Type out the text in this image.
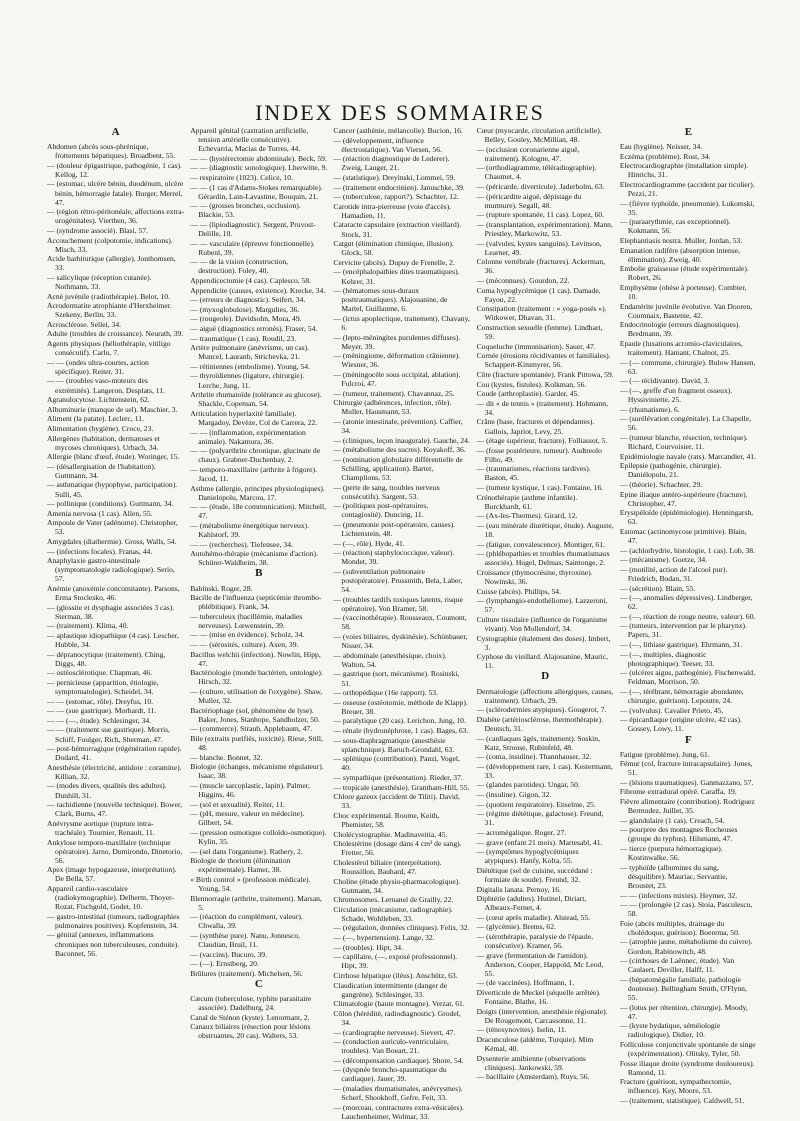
INDEX DES SOMMAIRES
A
Abdomen (abcès sous-phrénique, frottements hépatiques). Broadbent, 55.
— (douleur épigastrique, pathogénie, 1 cas). Kellog, 12.
— (estomac, ulcère bénin, duodénum, ulcère bénin, hémorragie fatale). Burger, Merrel, 47.
— (région rétro-péritonéale, affections extra-urogénitales). Vierthen, 36.
— (syndrome associé). Blasi, 57.
Accouchement (colpotomie, indications). Misch, 33.
Acide barbiturique (allergie). Jonthomsen, 33.
— salicylique (réception cutanée). Nothmann, 33.
Acné juvénile (radiothérapie). Belot, 10.
Acrodermatite atrophiante d'Herxheimer. Szekeny, Berlin, 33.
Acrosclérose. Sellei, 34.
Adulte (troubles de croissance). Neurath, 39.
Agents physiques (héliothérapie, vitiligo consécutif). Carlu, 7.
— — (ondes ultra-courtes, action spécifique). Reiter, 31.
— — (troubles vaso-moteurs des extrémités). Langeron, Desplats, 11.
Agranulocytose. Lichtenstein, 62.
Albuminurie (manque de sel). Maschier, 3.
Aliment (la patate). Leclerc, 11.
Alimentation (hygiène). Croce, 23.
Allergènes (habitation, dermatoses et mycoses chroniques). Urbach, 34.
Allergie (blanc d'œuf, étude). Woringer, 15.
— (désallergisation de l'habitation). Guttmann, 34.
— asthmatique (hypophyse, participation). Sulli, 45.
— pollinique (conditions). Guttmann, 34.
Amenia nervosa (1 cas). Allen, 55.
Ampoule de Vater (adénome). Christopher, 53.
Amygdales (diathermie). Gross, Walls, 54.
— (infections focales). Franas, 44.
Anaphylaxie gastro-intestinale (symptomatologie radiologique). Serio, 57.
Anémie (anoxémie concomitante). Parsons, Erma Stoclesko, 46.
— (glossite et dysphagie associées 3 cas). Sterman, 38.
— (traitement). Klima, 40.
— aplastique idiopathique (4 cas). Lescher, Hubble, 34.
— dépranocytique (traitement). Ching, Diggs, 48.
— ostéosclérotique. Chapman, 46.
— pernicieuse (apparition, étiologie, symptomatologie). Scheidel, 34.
— — (estomac, rôle). Dreyfus, 10.
— — (sue gastrique). Morhardt, 11.
— — (—, étude). Schlesinger, 34.
— — (traitement sue gastrique). Morris, Schiff, Foulger, Rich, Sherman, 47.
— post-hémorragique (régénération rapide). Dodard, 41.
Anesthésie (électricité, antidote : coramine). Killian, 32.
— (modes divers, qualités des adultes). Dunhill, 31.
— rachidienne (nouvelle technique). Bower, Clark, Burns, 47.
Anévrysme aortique (rupture intra-trachéale). Tournier, Renault, 11.
Ankylose temporo-maxillaire (technique opératoire). Jarno, Dumirondo, Dinetorio, 56.
Apex (image hypogazeuse, interprétation). De Bella, 57.
Appareil cardio-vasculaire (radiokymographie). Delherm, Thoyer-Rozat, Fischgold, Godet, 10.
— gastro-intestinal (tumeurs, radiographies pulmonaires positives). Kopfenstein, 34.
— génital (annexes, inflammations chroniques non tuberculeuses, conduite). Baconnet, 56.
Appareil génital (castration artificielle, tension artérielle consécutive). Echevarria, Macias de Torres, 44.
— — (hystérectomie abdominale). Beck, 59.
— — (diagnostic sonologique). Lherwitte, 9.
— respiratoire (1023). Celice, 10.
— — (1 cas d'Adams-Stokes remarquable). Gérardin, Lain-Lavastine, Bouquin, 21.
— — (grosses bronches, occlusion). Blackie, 53.
— — (lipiodiagnostic). Sergent, Pruvost-Delille, 10.
— — vasculaire (épreuve fonctionnelle). Rubenl, 39.
— — de la vision (construction, destruction). Foley, 40.
Appendicectomie (4 cas). Caplesco, 58.
Appendicite (causes, existence). Krecke, 34.
— (erreurs de diagnostic). Seifert, 34.
— (myxoglobulose). Margulies, 36.
— (rougeole). Davidsohn, Mora, 49.
— aiguë (diagnostics erronés). Fraser, 54.
— traumatique (1 cas). Roudil, 23.
Artère pulmonaire (anévrisme, un cas). Muncel, Lauranb, Strichevka, 21.
— rétiniennes (embolisme). Young, 54.
— thyroïdiennes (ligature, chirurgie). Lerche, Jung, 11.
Arthrite rhumatoïde (tolérance au glucose). Shackle, Copeman, 54.
Articulation hyperlaxité familiale). Margadoy, Devèze, Col de Carrera, 22.
— — (inflammation, expérimentation animale). Nakamura, 36.
— — (polyarthrite chronique, glucinate de chaux). Grabner-Duchenhay, 2.
— temporo-maxillaire (arthrite à frigore). Jacod, 11.
Asthme (allergie, principes physiologiques). Danielopolu, Marcou, 17.
— — (étude, 18e communication). Mitchell, 47.
— (métabolisme énergétique nerveux). Kahlstorf, 39.
— — (recherches). Tiefensee, 34.
Autohémo-thérapie (mécanisme d'action). Schürer-Waldheim, 38.
B
Babinski. Roger, 28.
Bacille de l'influenza (septicémie thrombo-phlébitique). Frank, 34.
— tuberculeux (bacillémie, maladies nerveuses). Lœwenstein, 39.
— — (mise en évidence). Scholz, 34.
— — (sérosités, culture). Axen, 39.
Bacillus welchii (infection). Nowlin, Hipp, 47.
Bactériologie (monde bactérien, ontologie). Hirsch, 32.
— (culture, utilisation de l'oxygène). Shaw, Muller, 32.
Bactériophage (sol, phénomène de lyse). Baker, Jones, Stanhope, Sandholzer, 50.
— (commerce). Straub, Applebaum, 47.
Bile (extraits purifiés, toxicité). Riese, Still, 48.
— blanche. Bonnet, 32.
Biologie (échanges, mécanisme régulateur). Isaac, 38.
— (muscle sarcoplastic, lapin). Palmer, Higgins, 46.
— (sol et sexualité). Reiter, 11.
— (pH, mesure, valeur en médecine). Gilbert, 54.
— (pression osmotique colloïdo-osmotique). Kylin, 35.
— (sel dans l'organisme). Rathery, 2.
Biologie de thorium (élimination expérimentale). Hamer, 38.
« Birth control » (profession médicale). Young, 54.
Blennorragie (arthrite, traitement). Marsan, 5.
— (réaction du complément, valeur). Chwalla, 39.
— (synthèse pure). Nanu, Jonnesco, Claudian, Bruil, 11.
— (vaccins). Bucuro, 39.
— (—). Ernstberg, 20.
Brûlures (traitement). Michelsen, 56.
C
Cæcum (tuberculose, typhite parasitaire associée). Dadelburg, 24.
Canal de Sténon (kyste). Lenormant, 2.
Canaux biliaires (résection pour lésions obstruantes, 20 cas). Walters, 53.
Cancer (asthénie, mélancolie). Bucion, 16.
— (développement, influence électrostatique). Van Viersen, 56.
— (réaction diagnostique de Lederer). Zweig, Lauger, 21.
— (statistique). Dreyinski, Lommei, 59.
— (traitement endocrinien). Januschke, 39.
— (tuberculose, rapport?). Schachter, 12.
Carotide intra-pierreuse (voie d'accès). Hamadien, 11.
Cataracte capsulaire (extraction vieillard). Stock, 31.
Catgut (élimination chimique, illusion). Glock, 58.
Cervicite (abcès). Dupuy de Frenelle, 2.
— (encéphalopathies dites traumatiques). Kehrer, 31.
— (hématomes sous-duraux posttraumatiques). Alajouanine, de Martel, Guillaume, 6.
— (ictus apoplectique, traitement). Chavany, 6.
— (lepto-méningites purulentes diffuses). Meyer, 39.
— (méningiome, déformation crânienne). Wiesner, 36.
— (méningocèle sous occipital, ablation). Fulcroi, 47.
— (tumeur, traitement). Chavannaz, 25.
Chirurgie (adhérences, infection, rôle). Muller, Hausmann, 53.
— (atonie intestinale, prévention). Caffier, 34.
— (cliniques, leçon inaugurale). Gauche, 24.
— (métabolisme des sucres). Koyakoff, 36.
— (nomination globulaire différentielle de Schilling, application). Barter, Champlions, 53.
— (perte de sang, troubles nerveux consécutifs). Sargent, 53.
— (politiques post-opératoires, contagiosité). Duncing, 11.
— (pneumonie post-opératoire, causes). Lichtenstein, 48.
— (—, rôle). Hyde, 41.
— (réaction) staphylococcique, valeur). Mondet, 39.
— (subventilation pulmonaire postopératoire). Prussmith, Bela, Laber, 54.
— (troubles tardifs toxiques latents, risque opératoire). Von Bramer, 58.
— (vaccinothérapie). Rousseaux, Coumont, 58.
— (voies biliaires, dyskinésie). Schönbauer, Nisser, 34.
— abdominale (anesthésique, choix). Walton, 54.
— gastrique (sort, mécanisme). Rosinski, 51.
— orthopédique (16e rapport). 53.
— osseuse (ostéotomie, méthode de Klapp). Breuer, 38.
— paralytique (20 cas). Lerichon, Jung, 10.
— rénale (hydronéphrose, 1 cas). Bages, 63.
— sous-diaphragmatique (anesthésie splanchnique). Baruch-Grondahl, 63.
— splénique (contribution). Panzi, Vogel, 40.
— sympathique (présentation). Rieder, 37.
— tropicale (anesthésie). Grantham-Hill, 55.
Chlore gazeux (accident de Tiliti). David, 33.
Choc expérimental. Roome, Keith, Phemister, 58.
Cholécystographie. Madinaveitia, 45.
Cholestérine (dosage dans 4 cm³ de sang). Fretter, 56.
Cholestérol biliaire (interprétation). Roussillon, Bauhard, 47.
Choline (étude physio-pharmacologique). Gutmann, 34.
Chromosomes. Lernanel de Grailly, 22.
Circulation (mécanisme, radiographie). Schade, Wohlleben, 33.
— (régulation, données cliniques). Felix, 32.
— (—, hypertension). Lange, 32.
— (troubles). Hipt, 34.
— capillaire, (—, exposé professionnel). Hipt, 39.
Cirrhose hépatique (iléus). Anschütz, 63.
Claudication intermittente (danger de gangrène). Schlesinger, 33.
Climatologie (haute montagne). Verzar, 61.
Côlon (hérédité, radiodiagnostic). Grodel, 34.
— (cardiographe nerveuse). Sievert, 47.
— (conduction auriculo-ventriculaire, troubles). Van Boeart, 21.
— (décompensation cardiaque). Shore, 54.
— (dyspnée broncho-spasmatique du cardiaque). Jauer, 39.
— (maladies rhumatismales, anévrysmes). Scherf, Shookhoff, Gefre, Feit, 33.
— (morceau, contractures extra-vésicales). Lauchenheimer, Wolmar, 33.
Cœur (myocarde, circulation artificielle). Belley, Gouley, McMillian, 48.
— (occlusion coronarienne aiguë, traitement). Kologne, 47.
— (orthodiagramme, téléradiographie). Chaumet, 4.
— (péricarde, diverticule). Jaderholm, 63.
— (péricardite aiguë, dépistage du murmure). Segall, 48.
— (rupture spontanée, 11 cas). Lopez, 60.
— (transplantation, expérimentation). Mann, Priestley, Markowitz, 53.
— (valvules, kystes sanguins). Levinson, Learner, 49.
Colonne vertébrale (fractures). Ackerman, 36.
— (méconnues). Gourdon, 22.
Coma hypoglycémique (1 cas). Damade, Fayou, 22.
Constipation (traitement : « yoga-posés »). Witkower, Dhavan, 31.
Construction sexuelle (femme). Lindhart, 59.
Coqueluche (immunisation). Sauer, 47.
Cornée (érosions récidivantes et familiales). Schappert-Kimmyrer, 56.
Côte (fracture spontanée). Frank Pittowa, 59.
Cou (kystes, fistules). Kolkman, 56.
Coude (arthroplastie). Garder, 45.
— dit « de tennis » (traitement). Hohmann, 34.
Crâne (base, fractures et dépendantes). Gallois, Japriot, Levy, 25.
— (étage supérieur, fracture). Folliassot, 5.
— (fosse postérieure, tumeur). Audtreolo Filho, 49.
— (traumatismes, réactions tardives). Baston, 45.
— (tumeur kystique, 1 cas). Fontaine, 16.
Crénothérapie (asthme infantile). Burckhardt, 61.
— (Ax-les-Thermes). Girard, 12.
— (eau minérale diurétique, étude). Auguste, 18.
— (fatigue, convalescence). Montiger, 61.
— (phlébopathies et troubles rhumatismaux associés). Hugel, Delmas, Saintonge, 2.
Croissance (thymocrésine, thyroxine). Nowinski, 36.
Cuisse (abcès). Phillips, 54.
— (lymphangio-endothéliome). Lazzeroni, 57.
Culture tissulaire (influence de l'organisme vivant). Von Mollendorf, 34.
Cystographie (étalement des doses). Imbert, 3.
Cyphose du vieillard. Alajouanine, Mauric, 11.
D
Dermatologie (affections allergiques, causes, traitement). Urbach, 29.
— (sclérodermies atypiques). Gougerot, 7.
Diabète (artériosclérose, thermothérapie). Deutsch, 31.
— (cardiaques âgés, traitement). Soskin, Katz, Strouse, Rubinfeld, 48.
— (coma, insuline). Thannhauser, 32.
— (développement rare, 1 cas). Kestermann, 33.
— (glandes parotides). Ungar, 50.
— (insuline). Gigon, 32.
— (quotient respiratoire). Enselme, 25.
— (régime diététique, galactose). Freund, 31.
— acromégalique. Roger, 27.
— grave (enfant 21 mois). Martesabl, 41.
— (symptômes hypoglycémiques atypiques). Hanfy, Kolta, 55.
Diététique (sel de cuisine, succédané : formiate de soude). Freund, 32.
Digitalis lanata. Pernoy, 16.
Diphtérie (adultes). Hutinel, Diriart, Albeaux-Fernet, 4.
— (cœur après maladie). Alstead, 55.
— (glycémie). Brems, 62.
— (sérothérapie, paralysie de l'épaule, consécutive). Kramer, 56.
— grave (fermentation de l'amidon). Anderson, Cooper, Happold, Mc Leod, 55.
— (de vaccinées). Hoffmann, 1.
Diverticule de Meckel (séquelle arrêtée). Fontaine, Blathe, 16.
Doigts (intervention, anesthésie régionale). De Rougemont, Carcassonne, 11.
— (ténosynovites). Iselin, 11.
Dracunculose (aldéme, Turquie). Mim Kémal, 40.
Dysenterie amibienne (observations cliniques). Jankowski, 59.
— bacillaire (Amsterdam). Ruys, 56.
E
Eau (hygiène). Neisser, 34.
Eczéma (problème). Rost, 34.
Electrocardiographie (installation simple). Hinrichs, 31.
Electrocardiogramme (accident par ticulier). Pezzi, 21.
— (fièvre typhoïde, pneumonie). Lukomski, 35.
— (paraarythmie, cas exceptionnel). Kokmann, 56.
Elephantiasis nostra. Muller, Jordan, 53.
Emanation radifère (absorption intense, élimination). Zweig, 40.
Embolie graisseuse (étude expérimentale). Robert, 26.
Emphysème (obèse à porteuse). Combier, 10.
Endartérite juvénile évolutive. Van Dooren, Coumnaix, Bastenie, 42.
Endocrinologie (erreurs diagnostiques). Bredmann, 39.
Epaule (luxations acromio-claviculaires, traitement). Hamant, Chalnot, 25.
— (— commune, chirurgie). Bulow Hansen, 63.
— (— récidivante). David, 3.
— (—, greffe d'un fragment osseux). Hyssiviniette, 25.
— (rhumatisme). 6.
— (surélévation congénitale). La Chapelle, 56.
— (tumeur blanche, résection, technique). Richard, Courvoisier, 11.
Epidémiologie navale (rats). Marcandier, 41.
Epilepsie (pathogénie, chirurgie). Daniélopolu, 21.
— (théorie). Schachter, 29.
Epine iliaque antéro-supérieure (fracture). Christopher, 47.
Erysipéloïde (épidémiologie). Henningarsh, 63.
Estomac (actinomycose primitive). Blain, 47.
— (achlorhydrie, histologie, 1 cas). Lob, 38.
— (mécanisme). Goetze, 34.
— (motilité, action de l'alcool pur). Friedrich, Bodan, 31.
— (sécrétion). Blain, 55.
— (—, anomalies dépressives). Lindberger, 62.
— (—, réaction de rouge neutre, valeur). 60.
— (tumeurs, intervention par le pharynx). Papers, 31.
— (—, lithiase gastrique). Ehrmann, 31.
— (—, multiples, diagnostic photographique). Teeser, 33.
— (ulcères aigus, pathogénie). Fischenwald, Feldman, Morrison, 50.
— (—, térébrant, hémorragie abondante, chirurgie, guérison). Lepoutre, 24.
— (volvulus). Cavalier Prieto, 45.
— épicardiaque (origine ulcère, 42 cas). Gossey, Lowy, 11.
F
Fatigue (problème). Jung, 61.
Fémur (col, fracture intracapsulaire). Jones, 51.
— (lésions traumatiques). Ganmazzano, 57.
Fibrome extradural opéré. Caraffa, 19.
Fièvre alimentaire (contribution). Rodriguez Bermudez, Juillet, 35.
— glandulaire (1 cas). Creach, 54.
— pourpree des montagnes Rocheuses (groupe du typhus). Hilsmann, 47.
— tierce (purpura hémorragique). Kostinwalke, 56.
— typhoïde (albumines du sang, désquilibre). Mauriac, Servantie, Broustet, 23.
— — (infections mixtes). Heymer, 32.
— — (prolongée (2 cas). Stoia, Pasculescu, 58.
Foie (abcès multiples, drainage du cholédoque, guérison). Boerema, 50.
— (atrophie jaune, métabolisme du cuivre). Gordon, Rabinowitch, 48.
— (cirrhoses de Laënnec, étude). Van Caulaert, Deviller, Halff, 11.
— (hépatomégalie familiale, pathologie douteuse). Bellingham Smith, O'Flynn, 55.
— (lotus per rétention, chirurgie). Moody, 47.
— (kyste hydatique, séméiologie radiologique). Didier, 10.
Folliculose conjonctivale spontanée de singe (expérimentation). Olitsky, Tyler, 50.
Fosse iliaque droite (syndrome douloureux). Ramond, 11.
Fracture (guérison, sympathectomie, influence). Key, Moore, 53.
— (traitement, statistique). Caldwell, 51.
